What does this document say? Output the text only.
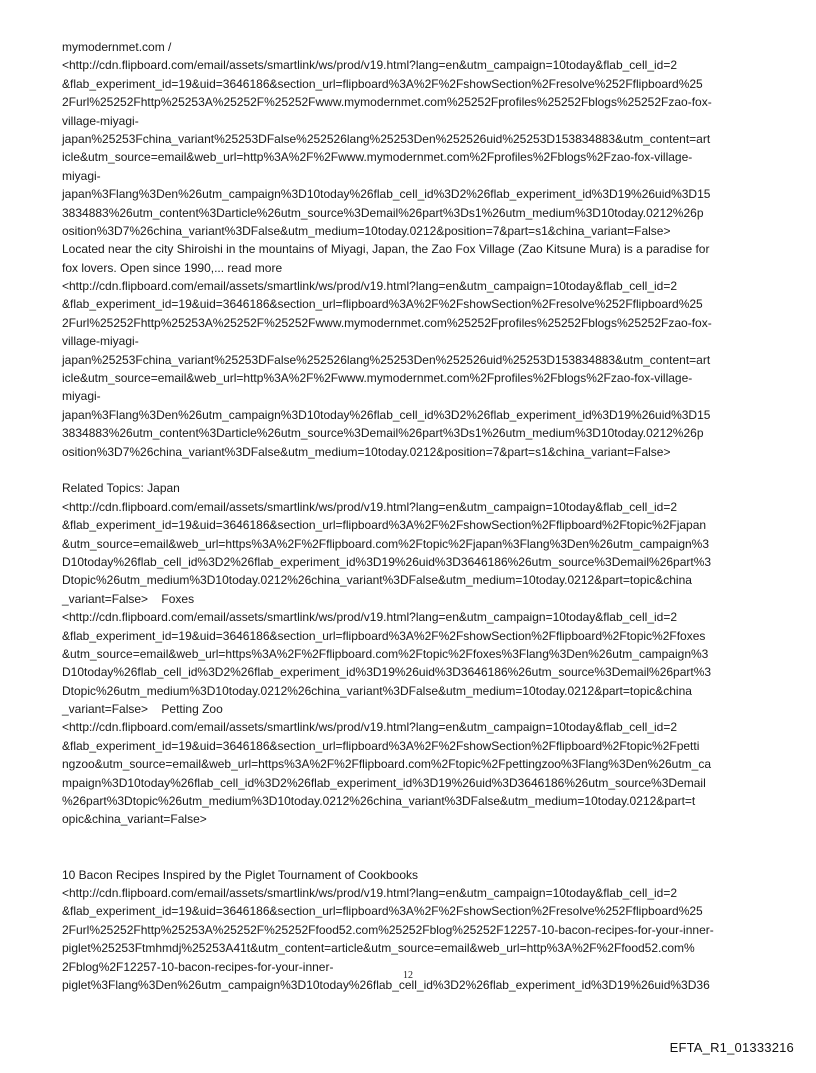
mymodernmet.com /
<http://cdn.flipboard.com/email/assets/smartlink/ws/prod/v19.html?lang=en&utm_campaign=10today&flab_cell_id=2
&flab_experiment_id=19&uid=3646186&section_url=flipboard%3A%2F%2FshowSection%2Fresolve%252Fflipboard%25
2Furl%25252Fhttp%25253A%25252F%25252Fwww.mymodernmet.com%25252Fprofiles%25252Fblogs%25252Fzao-fox-
village-miyagi-
japan%25253Fchina_variant%25253DFalse%252526lang%25253Den%252526uid%25253D153834883&utm_content=art
icle&utm_source=email&web_url=http%3A%2F%2Fwww.mymodernmet.com%2Fprofiles%2Fblogs%2Fzao-fox-village-
miyagi-
japan%3Flang%3Den%26utm_campaign%3D10today%26flab_cell_id%3D2%26flab_experiment_id%3D19%26uid%3D15
3834883%26utm_content%3Darticle%26utm_source%3Demail%26part%3Ds1%26utm_medium%3D10today.0212%26p
osition%3D7%26china_variant%3DFalse&utm_medium=10today.0212&position=7&part=s1&china_variant=False>
Located near the city Shiroishi in the mountains of Miyagi, Japan, the Zao Fox Village (Zao Kitsune Mura) is a paradise for
fox lovers. Open since 1990,... read more
<http://cdn.flipboard.com/email/assets/smartlink/ws/prod/v19.html?lang=en&utm_campaign=10today&flab_cell_id=2
&flab_experiment_id=19&uid=3646186&section_url=flipboard%3A%2F%2FshowSection%2Fresolve%252Fflipboard%25
2Furl%25252Fhttp%25253A%25252F%25252Fwww.mymodernmet.com%25252Fprofiles%25252Fblogs%25252Fzao-fox-
village-miyagi-
japan%25253Fchina_variant%25253DFalse%252526lang%25253Den%252526uid%25253D153834883&utm_content=art
icle&utm_source=email&web_url=http%3A%2F%2Fwww.mymodernmet.com%2Fprofiles%2Fblogs%2Fzao-fox-village-
miyagi-
japan%3Flang%3Den%26utm_campaign%3D10today%26flab_cell_id%3D2%26flab_experiment_id%3D19%26uid%3D15
3834883%26utm_content%3Darticle%26utm_source%3Demail%26part%3Ds1%26utm_medium%3D10today.0212%26p
osition%3D7%26china_variant%3DFalse&utm_medium=10today.0212&position=7&part=s1&china_variant=False>
Related Topics: Japan
<http://cdn.flipboard.com/email/assets/smartlink/ws/prod/v19.html?lang=en&utm_campaign=10today&flab_cell_id=2
&flab_experiment_id=19&uid=3646186&section_url=flipboard%3A%2F%2FshowSection%2Fflipboard%2Ftopic%2Fjapan
&utm_source=email&web_url=https%3A%2F%2Fflipboard.com%2Ftopic%2Fjapan%3Flang%3Den%26utm_campaign%3
D10today%26flab_cell_id%3D2%26flab_experiment_id%3D19%26uid%3D3646186%26utm_source%3Demail%26part%3
Dtopic%26utm_medium%3D10today.0212%26china_variant%3DFalse&utm_medium=10today.0212&part=topic&china
_variant=False>    Foxes
<http://cdn.flipboard.com/email/assets/smartlink/ws/prod/v19.html?lang=en&utm_campaign=10today&flab_cell_id=2
&flab_experiment_id=19&uid=3646186&section_url=flipboard%3A%2F%2FshowSection%2Fflipboard%2Ftopic%2Ffoxes
&utm_source=email&web_url=https%3A%2F%2Fflipboard.com%2Ftopic%2Ffoxes%3Flang%3Den%26utm_campaign%3
D10today%26flab_cell_id%3D2%26flab_experiment_id%3D19%26uid%3D3646186%26utm_source%3Demail%26part%3
Dtopic%26utm_medium%3D10today.0212%26china_variant%3DFalse&utm_medium=10today.0212&part=topic&china
_variant=False>    Petting Zoo
<http://cdn.flipboard.com/email/assets/smartlink/ws/prod/v19.html?lang=en&utm_campaign=10today&flab_cell_id=2
&flab_experiment_id=19&uid=3646186&section_url=flipboard%3A%2F%2FshowSection%2Fflipboard%2Ftopic%2Fpetti
ngzoo&utm_source=email&web_url=https%3A%2F%2Fflipboard.com%2Ftopic%2Fpettingzoo%3Flang%3Den%26utm_ca
mpaign%3D10today%26flab_cell_id%3D2%26flab_experiment_id%3D19%26uid%3D3646186%26utm_source%3Demail
%26part%3Dtopic%26utm_medium%3D10today.0212%26china_variant%3DFalse&utm_medium=10today.0212&part=t
opic&china_variant=False>
10 Bacon Recipes Inspired by the Piglet Tournament of Cookbooks
<http://cdn.flipboard.com/email/assets/smartlink/ws/prod/v19.html?lang=en&utm_campaign=10today&flab_cell_id=2
&flab_experiment_id=19&uid=3646186&section_url=flipboard%3A%2F%2FshowSection%2Fresolve%252Fflipboard%25
2Furl%25252Fhttp%25253A%25252F%25252Ffood52.com%25252Fblog%25252F12257-10-bacon-recipes-for-your-inner-
piglet%25253Ftmhmdj%25253A41t&utm_content=article&utm_source=email&web_url=http%3A%2F%2Ffood52.com%
2Fblog%2F12257-10-bacon-recipes-for-your-inner-
piglet%3Flang%3Den%26utm_campaign%3D10today%26flab_cell_id%3D2%26flab_experiment_id%3D19%26uid%3D36
12
EFTA_R1_01333216
